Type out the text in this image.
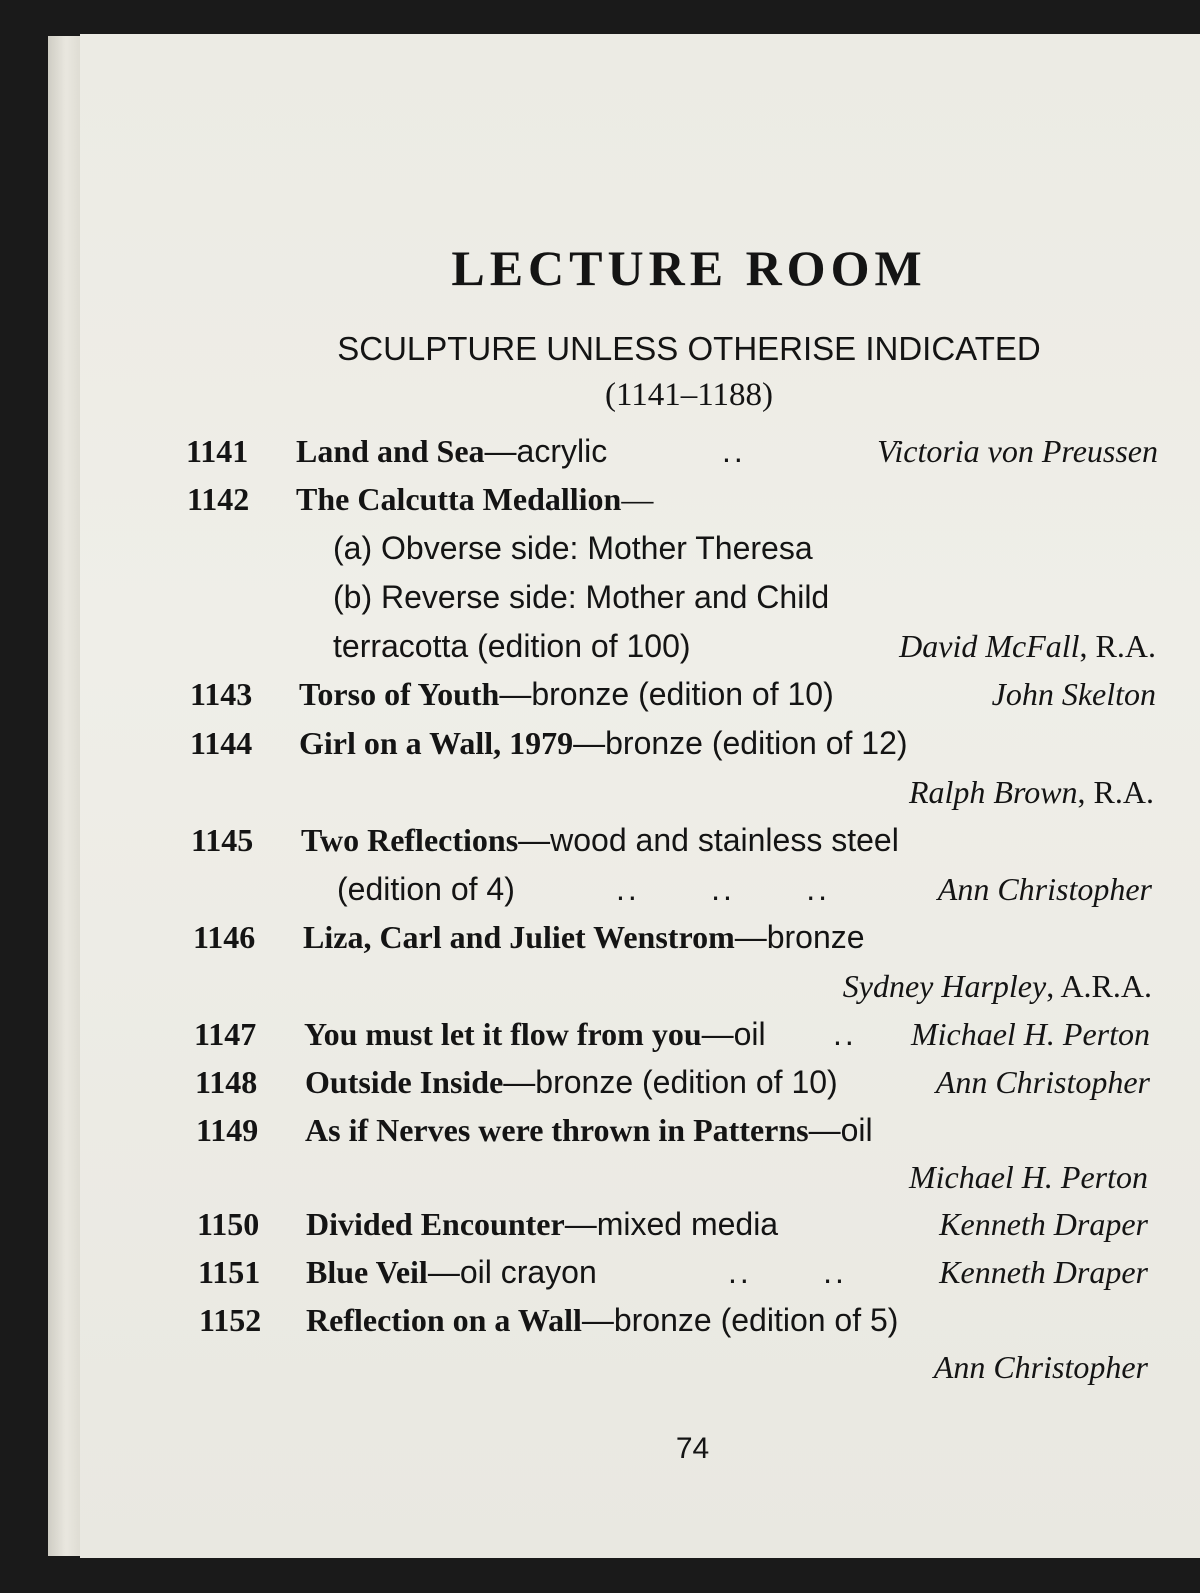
LECTURE ROOM
SCULPTURE UNLESS OTHERISE INDICATED
(1141–1188)
1141 Land and Sea—acrylic	..	Victoria von Preussen
1142 The Calcutta Medallion—
(a) Obverse side: Mother Theresa
(b) Reverse side: Mother and Child
terracotta (edition of 100)	David McFall, R.A.
1143 Torso of Youth—bronze (edition of 10)	John Skelton
1144 Girl on a Wall, 1979—bronze (edition of 12)
Ralph Brown, R.A.
1145 Two Reflections—wood and stainless steel
(edition of 4)	..      ..      ..	Ann Christopher
1146 Liza, Carl and Juliet Wenstrom—bronze
Sydney Harpley, A.R.A.
1147 You must let it flow from you—oil .. Michael H. Perton
1148 Outside Inside—bronze (edition of 10)	Ann Christopher
1149 As if Nerves were thrown in Patterns—oil
Michael H. Perton
1150 Divided Encounter—mixed media	Kenneth Draper
1151 Blue Veil—oil crayon	..      ..	Kenneth Draper
1152 Reflection on a Wall—bronze (edition of 5)
Ann Christopher
74
